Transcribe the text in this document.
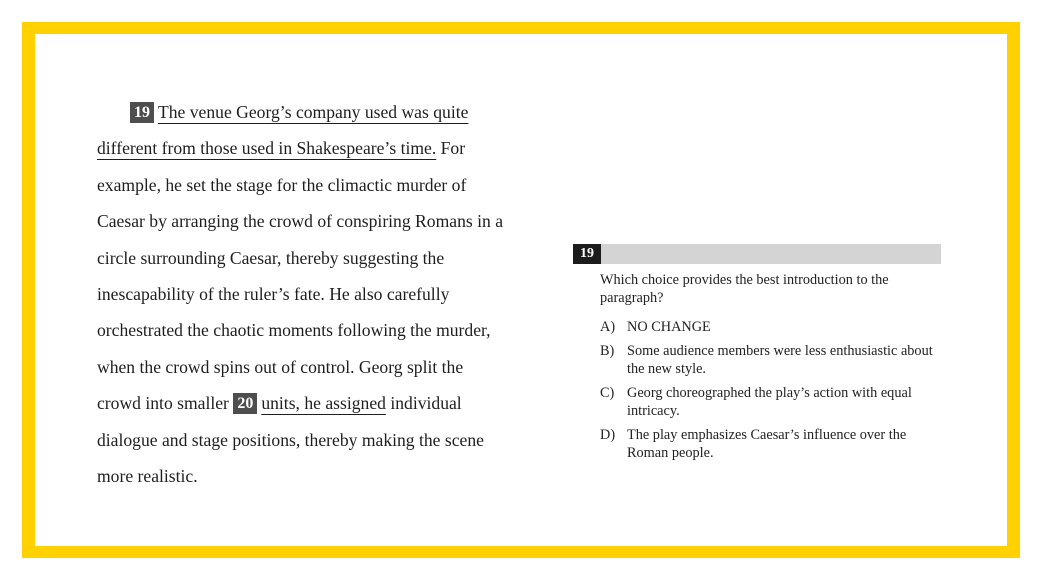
19 The venue Georg’s company used was quite
different from those used in Shakespeare’s time. For
example, he set the stage for the climactic murder of
Caesar by arranging the crowd of conspiring Romans in a
circle surrounding Caesar, thereby suggesting the
inescapability of the ruler’s fate. He also carefully
orchestrated the chaotic moments following the murder,
when the crowd spins out of control. Georg split the
crowd into smaller 20 units, he assigned individual
dialogue and stage positions, thereby making the scene
more realistic.
19
Which choice provides the best introduction to the paragraph?
A) NO CHANGE
B) Some audience members were less enthusiastic about the new style.
C) Georg choreographed the play’s action with equal intricacy.
D) The play emphasizes Caesar’s influence over the Roman people.
